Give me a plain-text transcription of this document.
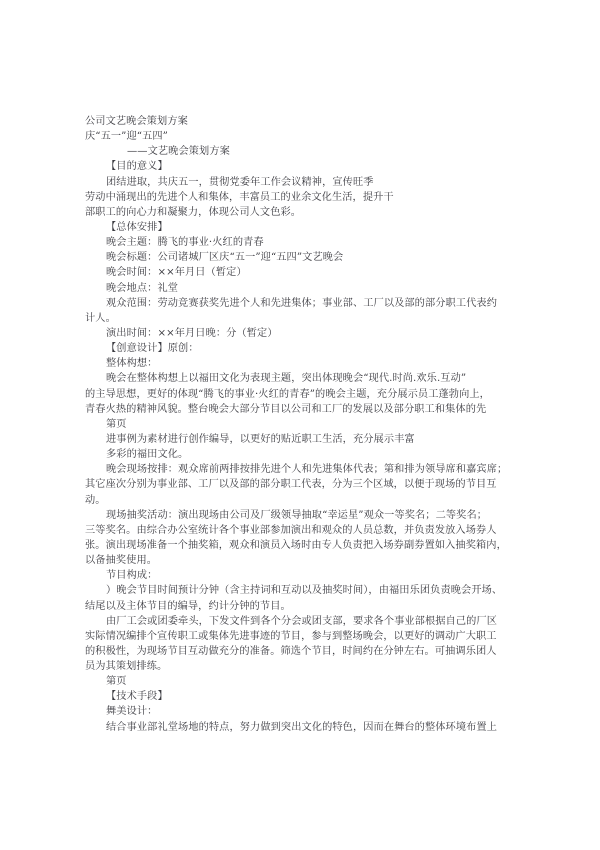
公司文艺晚会策划方案
庆“五一”迎“五四”
——文艺晚会策划方案
【目的意义】
团结进取，共庆五一，贯彻党委年工作会议精神，宣传旺季
劳动中涌现出的先进个人和集体，丰富员工的业余文化生活，提升干
部职工的向心力和凝聚力，体现公司人文色彩。
【总体安排】
晚会主题：腾飞的事业·火红的青春
晚会标题：公司诸城厂区庆“五一”迎“五四”文艺晚会
晚会时间：××年月日（暂定）
晚会地点：礼堂
观众范围：劳动竞赛获奖先进个人和先进集体；事业部、工厂以及部的部分职工代表约
计人。
演出时间：××年月日晚：分（暂定）
【创意设计】原创：
整体构想：
晚会在整体构想上以福田文化为表现主题，突出体现晚会“现代.时尚.欢乐.互动”
的主导思想，更好的体现“腾飞的事业·火红的青春”的晚会主题，充分展示员工蓬勃向上，
青春火热的精神风貌。整台晚会大部分节目以公司和工厂的发展以及部分职工和集体的先
第页
进事例为素材进行创作编导，以更好的贴近职工生活，充分展示丰富
多彩的福田文化。
晚会现场按排：观众席前两排按排先进个人和先进集体代表；第和排为领导席和嘉宾席；
其它座次分别为事业部、工厂以及部的部分职工代表，分为三个区域，以便于现场的节目互
动。
现场抽奖活动：演出现场由公司及厂级领导抽取“幸运星”观众一等奖名；二等奖名；
三等奖名。由综合办公室统计各个事业部参加演出和观众的人员总数，并负责发放入场券人
张。演出现场准备一个抽奖箱，观众和演员入场时由专人负责把入场券副券置如入抽奖箱内，
以备抽奖使用。
节目构成：
）晚会节目时间预计分钟（含主持词和互动以及抽奖时间），由福田乐团负责晚会开场、
结尾以及主体节目的编导，约计分钟的节目。
由厂工会或团委牵头，下发文件到各个分会或团支部，要求各个事业部根据自己的厂区
实际情况编排个宣传职工或集体先进事迹的节目，参与到整场晚会，以更好的调动广大职工
的积极性，为现场节目互动做充分的准备。筛选个节目，时间约在分钟左右。可抽调乐团人
员为其策划排练。
第页
【技术手段】
舞美设计：
结合事业部礼堂场地的特点，努力做到突出文化的特色，因而在舞台的整体环境布置上
